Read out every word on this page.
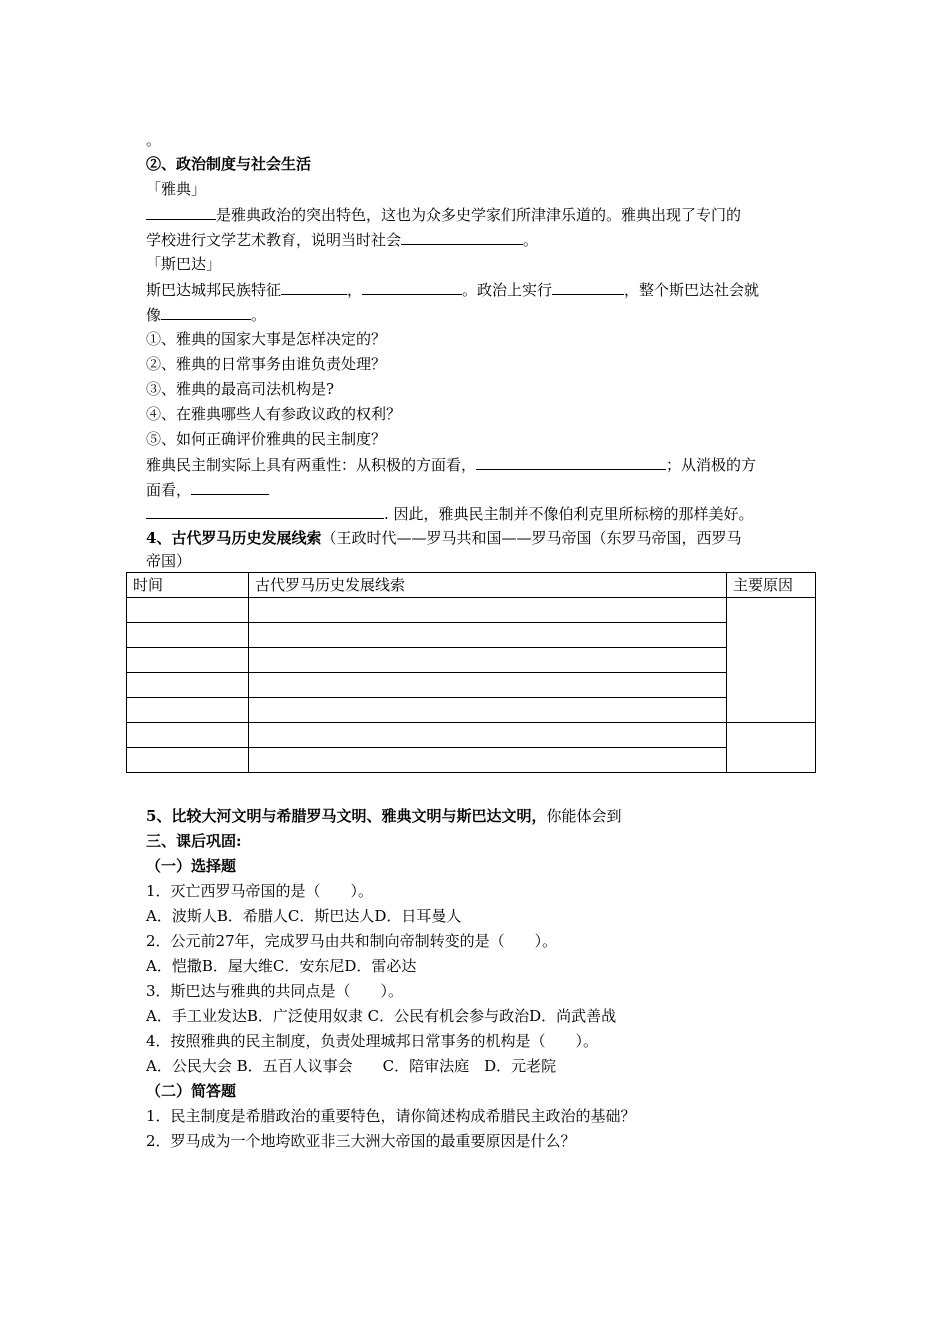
。
②、政治制度与社会生活
「雅典」
是雅典政治的突出特色，这也为众多史学家们所津津乐道的。雅典出现了专门的
学校进行文学艺术教育，说明当时社会	。
「斯巴达」
斯巴达城邦民族特征	，	。政治上实行	，整个斯巴达社会就
像	。
①、雅典的国家大事是怎样决定的？
②、雅典的日常事务由谁负责处理？
③、雅典的最高司法机构是?
④、在雅典哪些人有参政议政的权利？
⑤、如何正确评价雅典的民主制度？
雅典民主制实际上具有两重性：从积极的方面看，	；从消极的方
面看，
. 因此，雅典民主制并不像伯利克里所标榜的那样美好。
4、古代罗马历史发展线索（王政时代——罗马共和国——罗马帝国（东罗马帝国，西罗马
帝国）
时间	古代罗马历史发展线索	主要原因

5、比较大河文明与希腊罗马文明、雅典文明与斯巴达文明，你能体会到
三、课后巩固:
（一）选择题
1．灭亡西罗马帝国的是（　　）。
A．波斯人B．希腊人C．斯巴达人D．日耳曼人
2．公元前27年，完成罗马由共和制向帝制转变的是（　　）。
A．恺撒B．屋大维C．安东尼D．雷必达
3．斯巴达与雅典的共同点是（　　）。
A．手工业发达B．广泛使用奴隶 C．公民有机会参与政治D．尚武善战
4．按照雅典的民主制度，负责处理城邦日常事务的机构是（　　）。
A．公民大会 B．五百人议事会　　C．陪审法庭　D．元老院
（二）简答题
1．民主制度是希腊政治的重要特色，请你简述构成希腊民主政治的基础？
2．罗马成为一个地垮欧亚非三大洲大帝国的最重要原因是什么？
